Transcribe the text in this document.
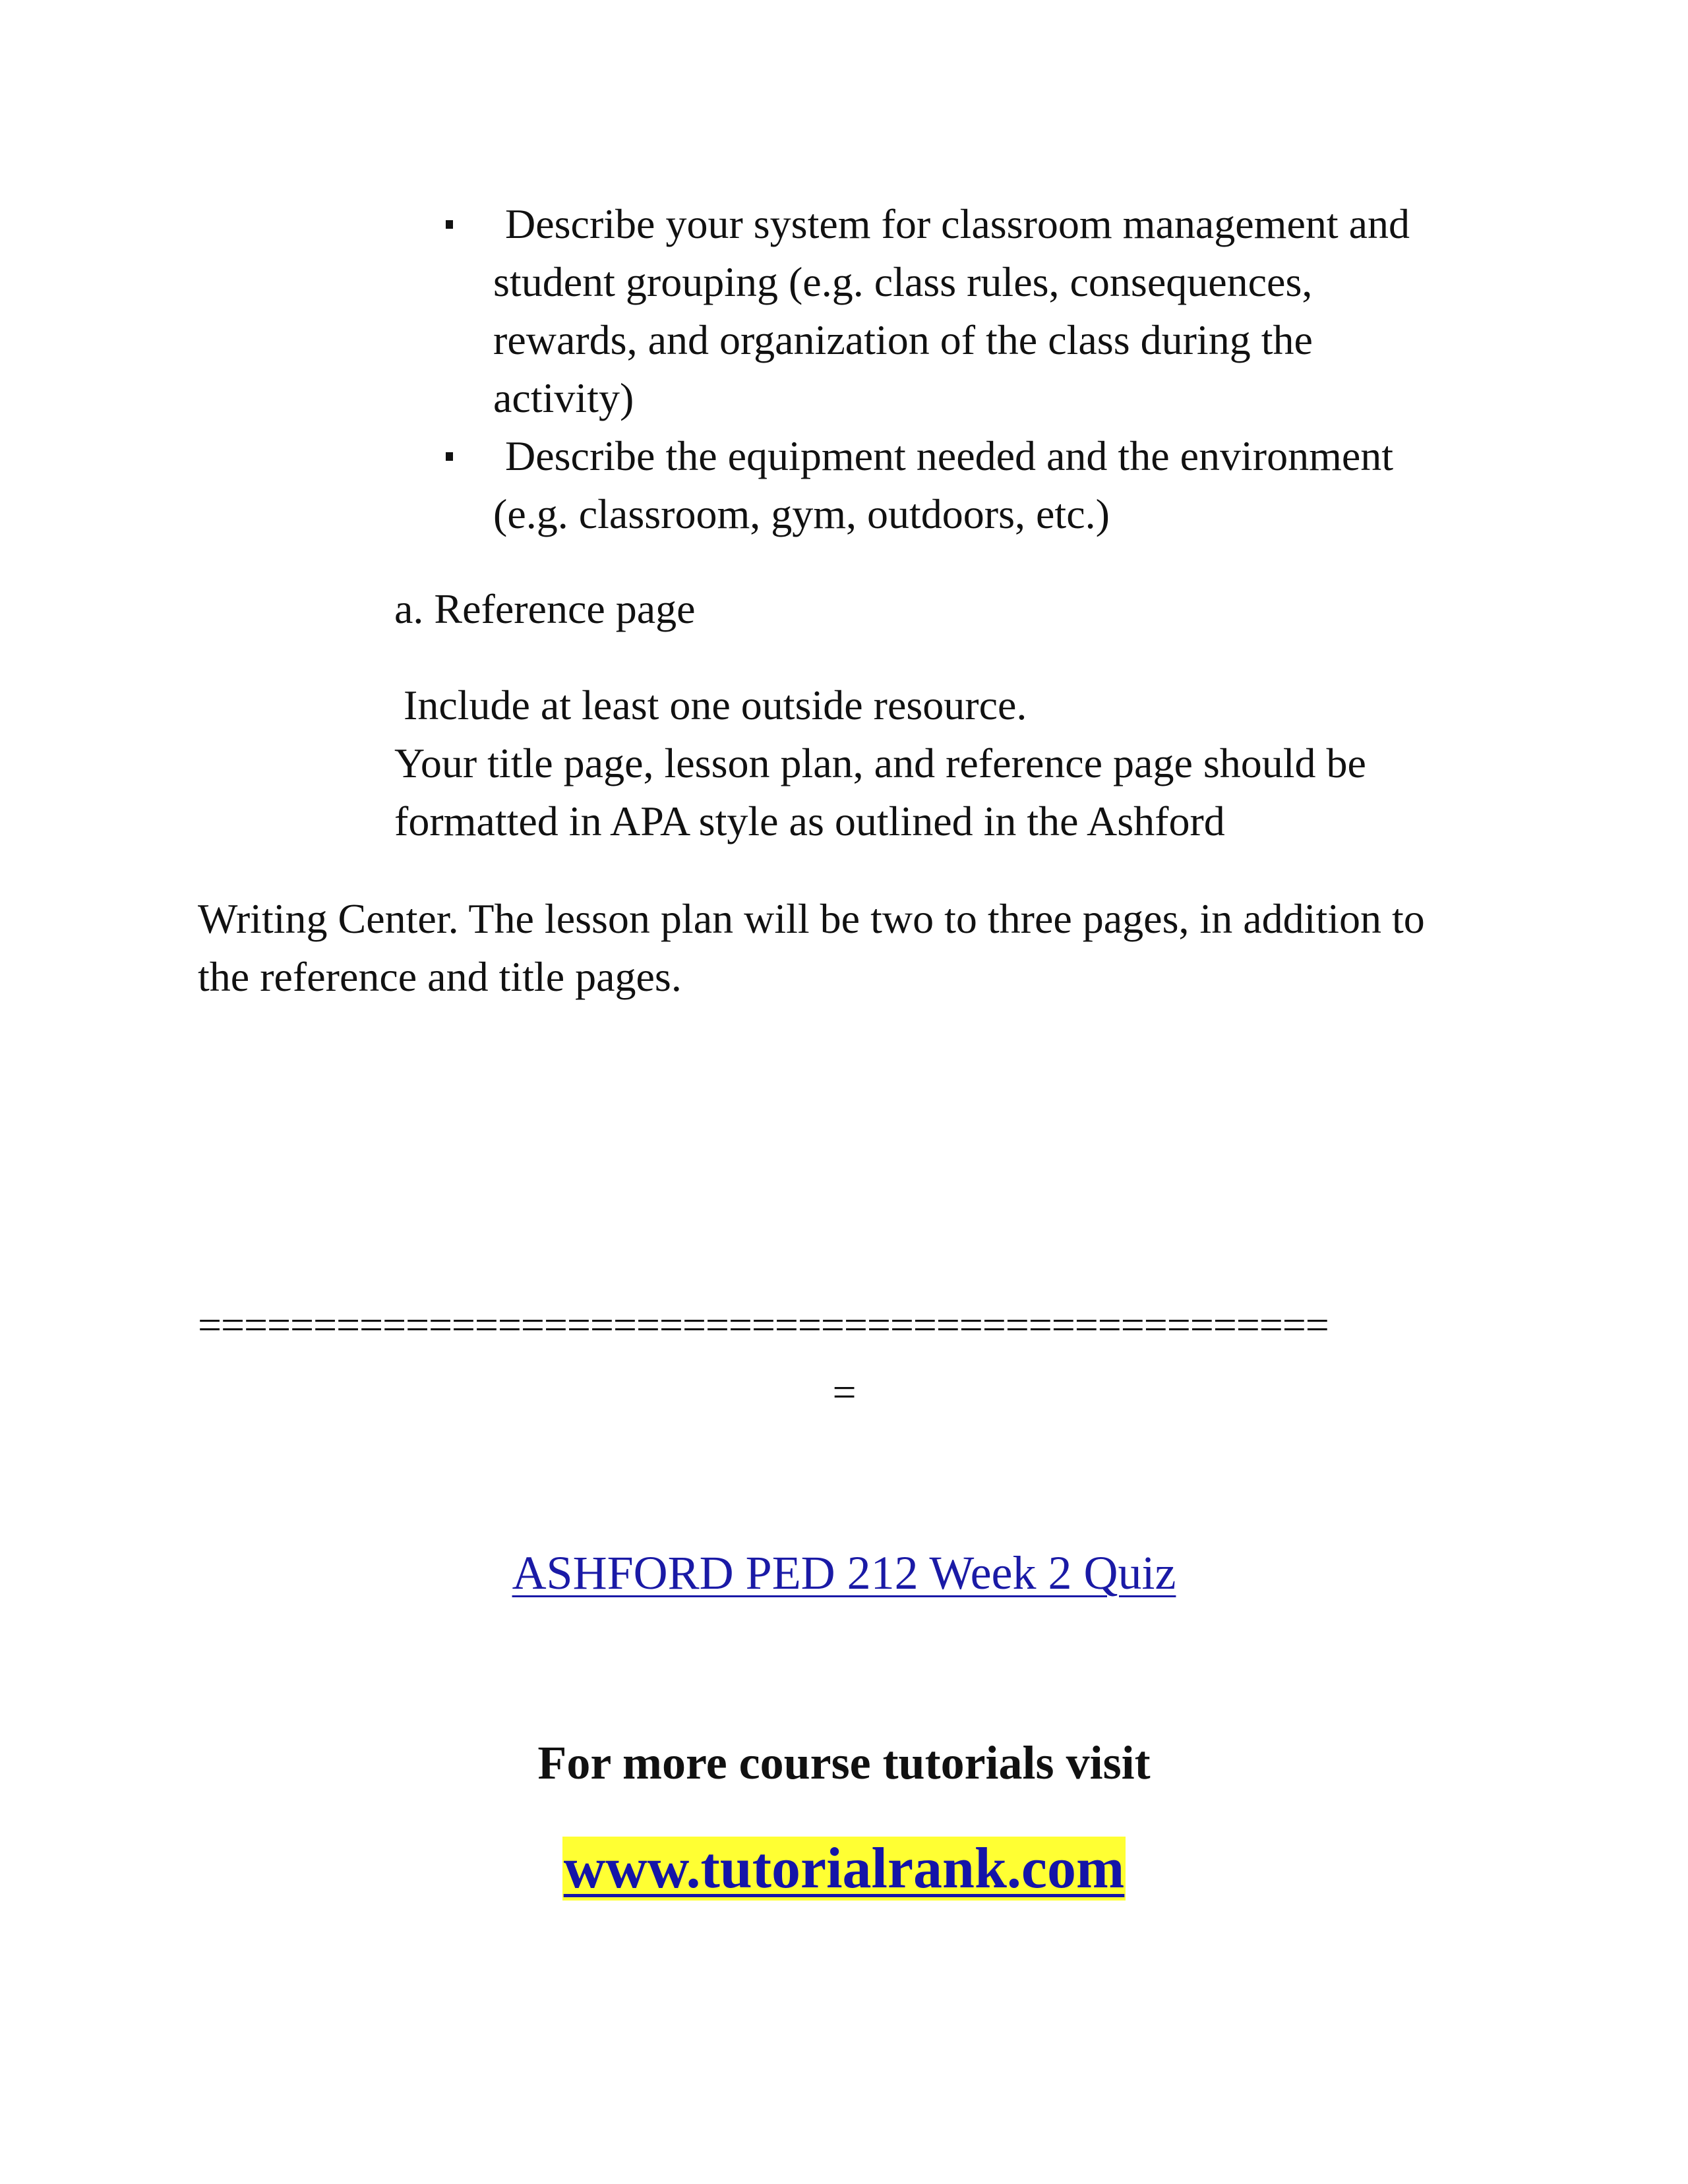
Describe your system for classroom management and
student grouping (e.g. class rules, consequences,
rewards, and organization of the class during the
activity)
Describe the equipment needed and the environment
(e.g. classroom, gym, outdoors, etc.)
a. Reference page
Include at least one outside resource.
Your title page, lesson plan, and reference page should be
formatted in APA style as outlined in the Ashford
Writing Center. The lesson plan will be two to three pages, in addition to
the reference and title pages.
=================================================
=
ASHFORD PED 212 Week 2 Quiz
For more course tutorials visit
www.tutorialrank.com
